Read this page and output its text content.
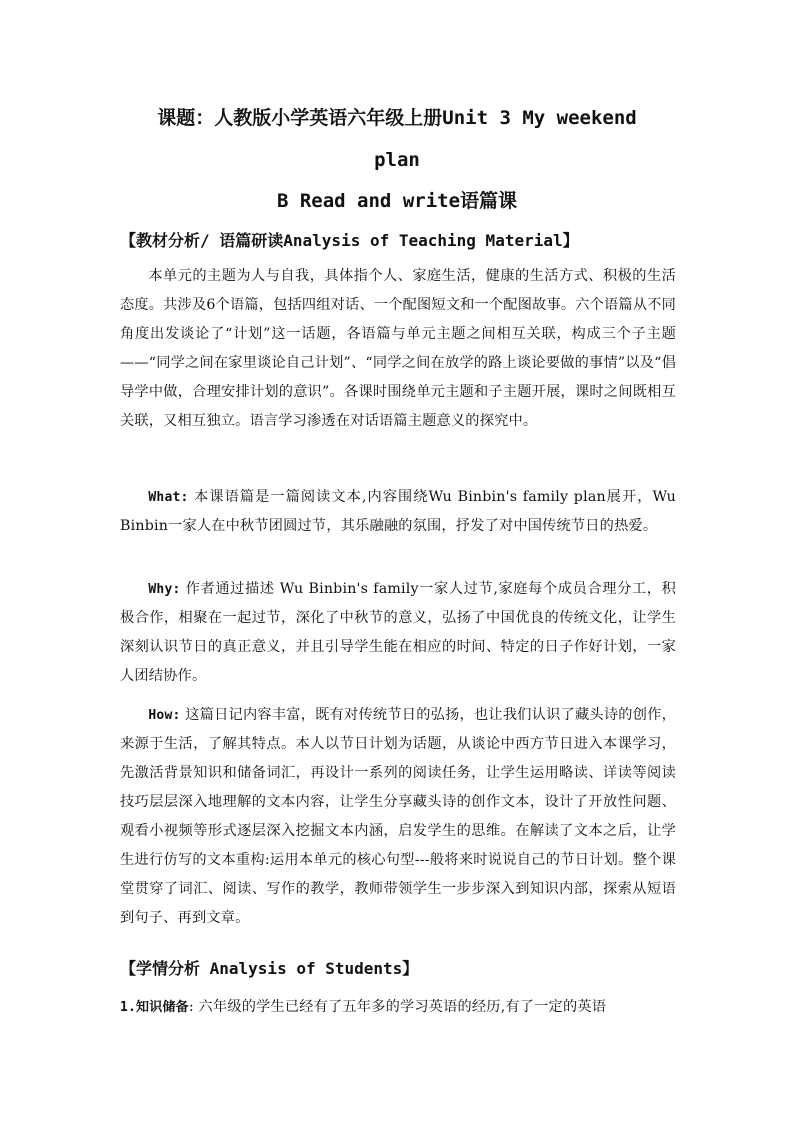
课题：人教版小学英语六年级上册Unit 3 My weekend
plan
B Read and write语篇课
【教材分析/ 语篇研读Analysis of Teaching Material】

本单元的主题为人与自我，具体指个人、家庭生活，健康的生活方式、积极的生活态度。共涉及6个语篇，包括四组对话、一个配图短文和一个配图故事。六个语篇从不同角度出发谈论了“计划”这一话题，各语篇与单元主题之间相互关联，构成三个子主题——“同学之间在家里谈论自己计划”、“同学之间在放学的路上谈论要做的事情”以及“倡导学中做，合理安排计划的意识”。各课时围绕单元主题和子主题开展，课时之间既相互关联，又相互独立。语言学习渗透在对话语篇主题意义的探究中。

What: 本课语篇是一篇阅读文本,内容围绕Wu Binbin's family plan展开，Wu Binbin一家人在中秋节团圆过节，其乐融融的氛围，抒发了对中国传统节日的热爱。

Why: 作者通过描述 Wu Binbin's family一家人过节,家庭每个成员合理分工，积极合作，相聚在一起过节，深化了中秋节的意义，弘扬了中国优良的传统文化，让学生深刻认识节日的真正意义，并且引导学生能在相应的时间、特定的日子作好计划，一家人团结协作。

How: 这篇日记内容丰富，既有对传统节日的弘扬，也让我们认识了藏头诗的创作，来源于生活，了解其特点。本人以节日计划为话题，从谈论中西方节日进入本课学习，先激活背景知识和储备词汇，再设计一系列的阅读任务，让学生运用略读、详读等阅读技巧层层深入地理解的文本内容，让学生分享藏头诗的创作文本，设计了开放性问题、观看小视频等形式逐层深入挖掘文本内涵，启发学生的思维。在解读了文本之后，让学生进行仿写的文本重构:运用本单元的核心句型---般将来时说说自己的节日计划。整个课堂贯穿了词汇、阅读、写作的教学，教师带领学生一步步深入到知识内部，探索从短语到句子、再到文章。

【学情分析 Analysis of Students】

1.知识储备: 六年级的学生已经有了五年多的学习英语的经历,有了一定的英语
